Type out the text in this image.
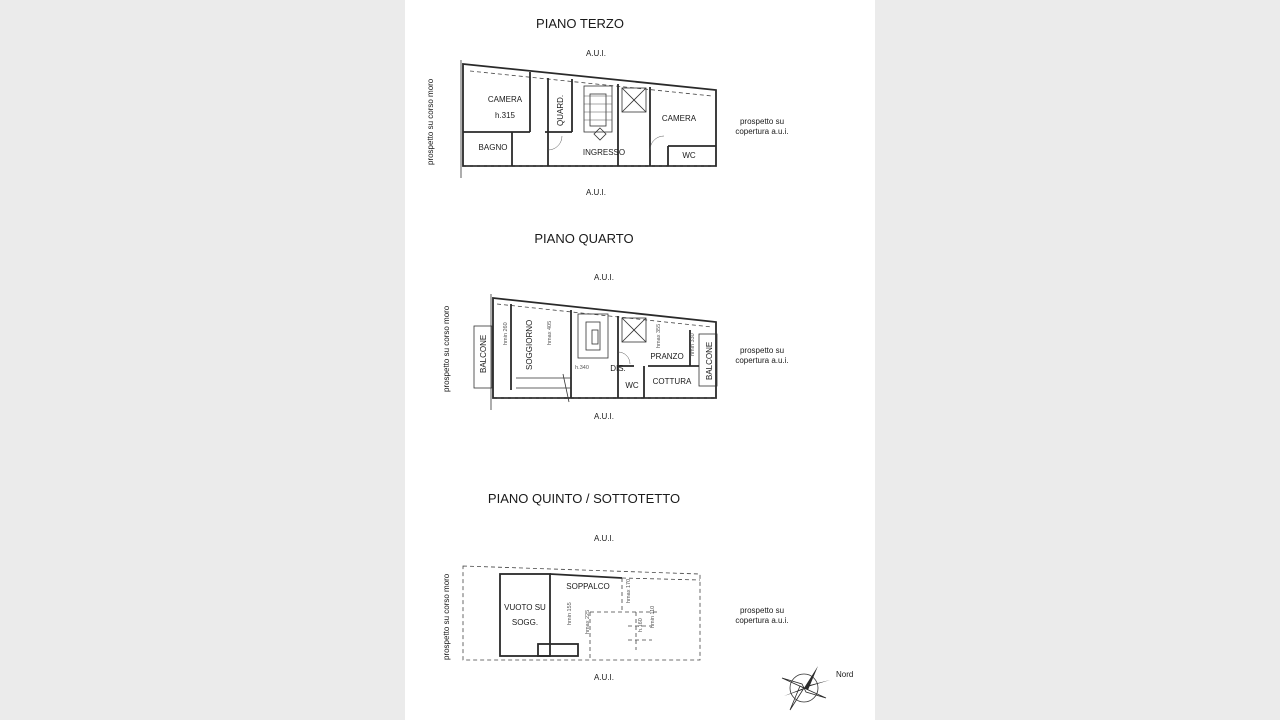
PIANO TERZO
A.U.I.
A.U.I.
prospetto su corso moro	prospetto su
copertura a.u.i.
CAMERA
h.315	QUARD.
BAGNO
INGRESSO
CAMERA
WC
PIANO QUARTO
A.U.I.
A.U.I.
prospetto su corso moro	prospetto su
copertura a.u.i.
BALCONE	SOGGIORNO
hmin 260	hmax 405
h.340	DIS.
WC
PRANZO
COTTURA
BALCONE
hmax 355	hmin 330
PIANO QUINTO / SOTTOTETTO
A.U.I.
A.U.I.
prospetto su corso moro	prospetto su
copertura a.u.i.
VUOTO SU
SOGG.
SOPPALCO
hmin 155 hmax 225
hmax 170
hmin 110
h.160
Nord
